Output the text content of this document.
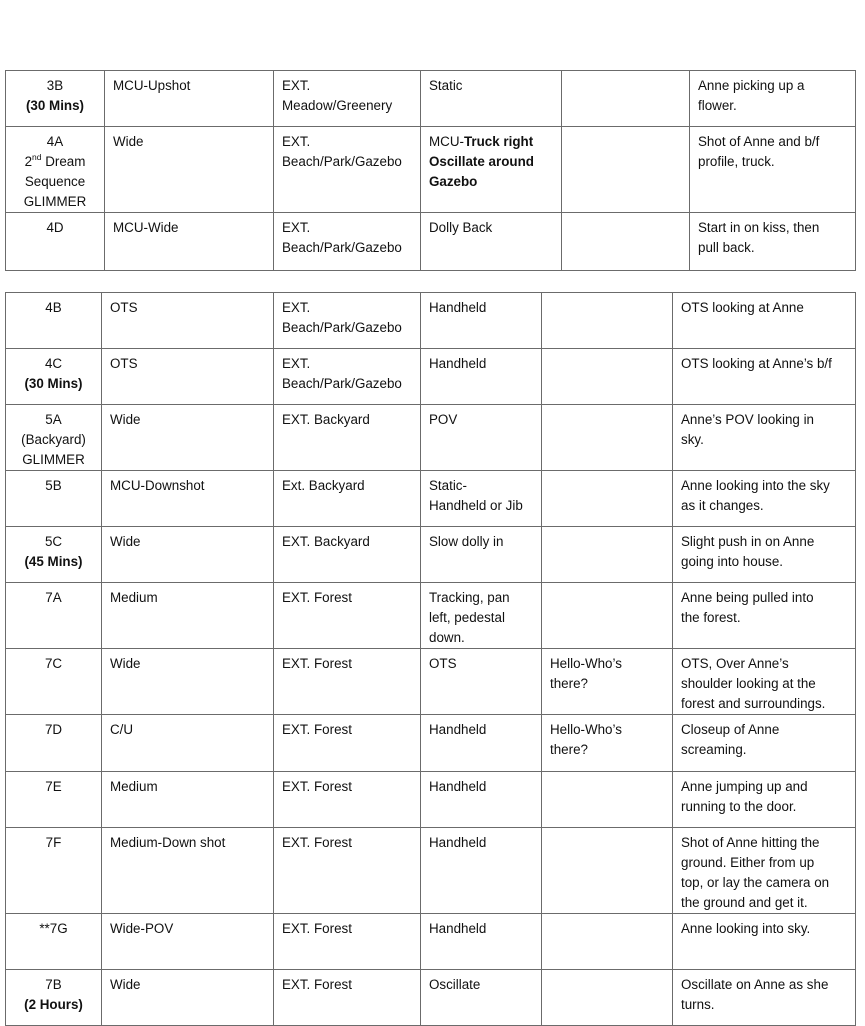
3B
(30 Mins)	MCU-Upshot	EXT.
Meadow/Greenery	Static		Anne picking up a
flower.

4A
2nd Dream
Sequence
GLIMMER	Wide	EXT.
Beach/Park/Gazebo	MCU-Truck right
Oscillate around
Gazebo		Shot of Anne and b/f
profile, truck.

4D	MCU-Wide	EXT.
Beach/Park/Gazebo	Dolly Back		Start in on kiss, then
pull back.
4B	OTS	EXT.
Beach/Park/Gazebo	Handheld		OTS looking at Anne

4C
(30 Mins)	OTS	EXT.
Beach/Park/Gazebo	Handheld		OTS looking at Anne’s b/f

5A
(Backyard)
GLIMMER	Wide	EXT. Backyard	POV		Anne’s POV looking in
sky.

5B	MCU-Downshot	Ext. Backyard	Static-
Handheld or Jib		Anne looking into the sky
as it changes.

5C
(45 Mins)	Wide	EXT. Backyard	Slow dolly in		Slight push in on Anne
going into house.

7A	Medium	EXT. Forest	Tracking, pan
left, pedestal
down.		Anne being pulled into
the forest.

7C	Wide	EXT. Forest	OTS	Hello-Who’s
there?	OTS, Over Anne’s
shoulder looking at the
forest and surroundings.

7D	C/U	EXT. Forest	Handheld	Hello-Who’s
there?	Closeup of Anne
screaming.

7E	Medium	EXT. Forest	Handheld		Anne jumping up and
running to the door.

7F	Medium-Down shot	EXT. Forest	Handheld		Shot of Anne hitting the
ground. Either from up
top, or lay the camera on
the ground and get it.

**7G	Wide-POV	EXT. Forest	Handheld		Anne looking into sky.

7B
(2 Hours)	Wide	EXT. Forest	Oscillate		Oscillate on Anne as she
turns.
